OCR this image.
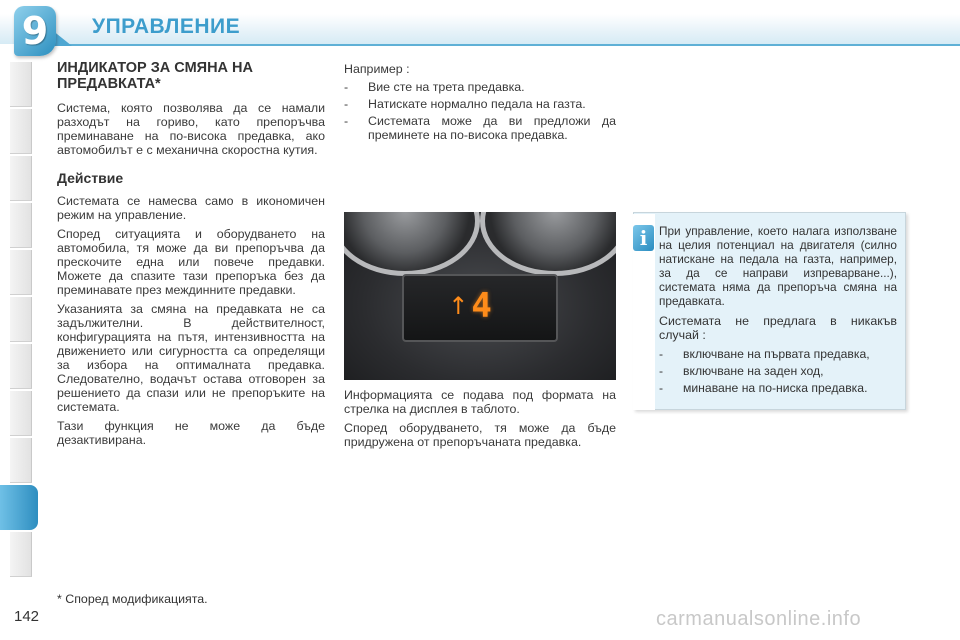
9 УПРАВЛЕНИЕ
ИНДИКАТОР ЗА СМЯНА НА ПРЕДАВКАТА*

Система, която позволява да се намали разходът на гориво, като препоръчва преминаване на по-висока предавка, ако автомобилът е с механична скоростна кутия.

Действие

Системата се намесва само в икономичен режим на управление.

Според ситуацията и оборудването на автомобила, тя може да ви препоръчва да прескочите една или повече предавки. Можете да спазите тази препоръка без да преминавате през междинните предавки.

Указанията за смяна на предавката не са задължителни. В действителност, конфигурацията на пътя, интензивността на движението или сигурността са определящи за избора на оптималната предавка. Следователно, водачът остава отговорен за решението да спази или не препоръките на системата.

Тази функция не може да бъде дезактивирана.

Например :

- Вие сте на трета предавка.
- Натискате нормално педала на газта.
- Системата може да ви предложи да преминете на по-висока предавка.
↑ 4

Информацията се подава под формата на стрелка на дисплея в таблото.

Според оборудването, тя може да бъде придружена от препоръчаната предавка.

i При управление, което налага използване на целия потенциал на двигателя (силно натискане на педала на газта, например, за да се направи изпреварване...), системата няма да препоръча смяна на предавката.

Системата не предлага в никакъв случай :

- включване на първата предавка,
- включване на заден ход,
- минаване на по-ниска предавка.
* Според модификацията.
142	carmanualsonline.info
